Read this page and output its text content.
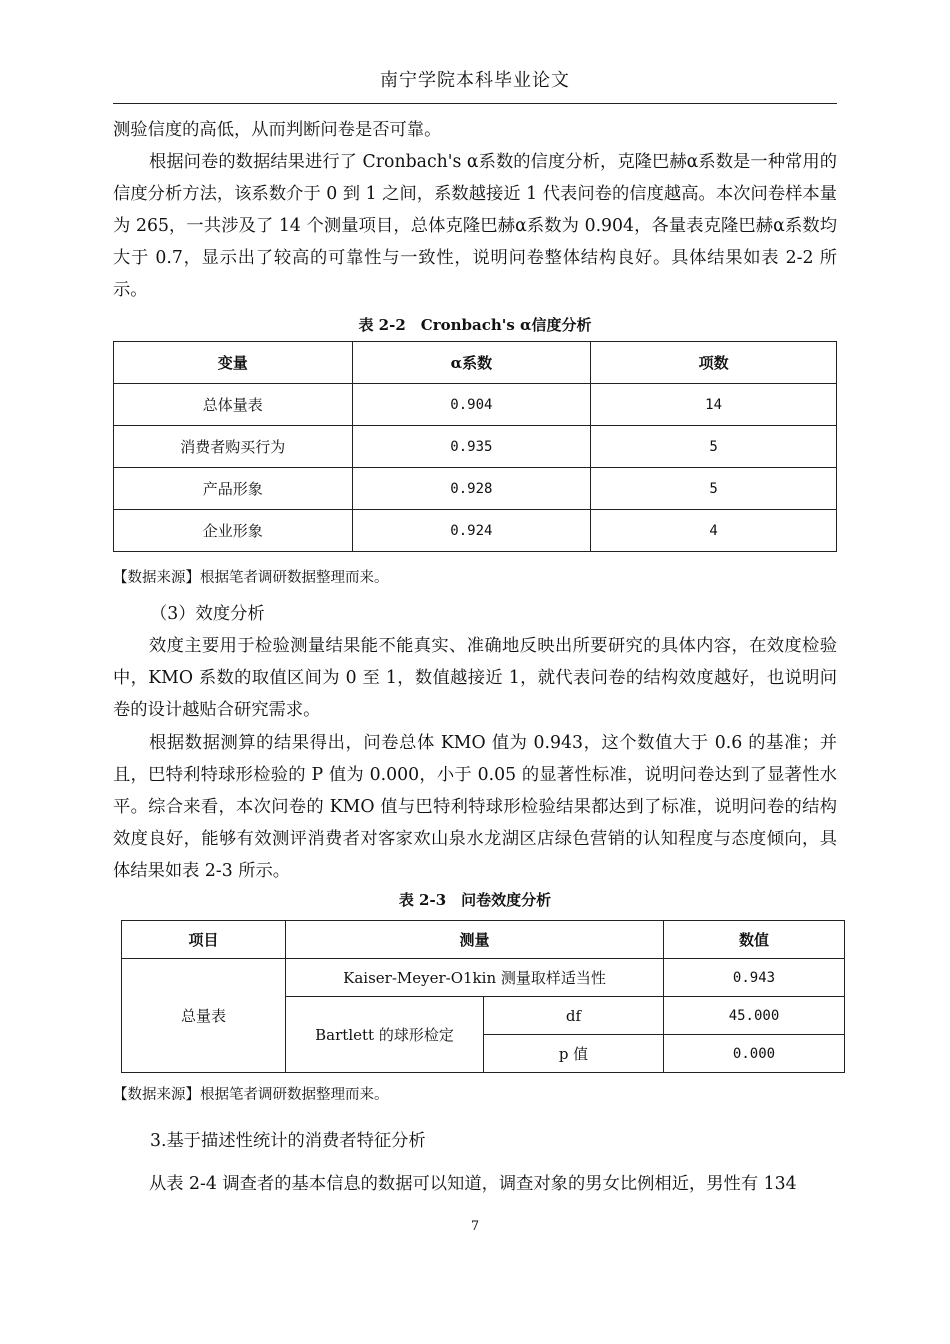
南宁学院本科毕业论文
测验信度的高低，从而判断问卷是否可靠。
根据问卷的数据结果进行了 Cronbach's α系数的信度分析，克隆巴赫α系数是一种常用的信度分析方法，该系数介于 0 到 1 之间，系数越接近 1 代表问卷的信度越高。本次问卷样本量为 265，一共涉及了 14 个测量项目，总体克隆巴赫α系数为 0.904，各量表克隆巴赫α系数均大于 0.7，显示出了较高的可靠性与一致性，说明问卷整体结构良好。具体结果如表 2-2 所示。
表 2-2　Cronbach's α信度分析
变量	α系数	项数
总体量表	0.904	14
消费者购买行为	0.935	5
产品形象	0.928	5
企业形象	0.924	4
【数据来源】根据笔者调研数据整理而来。
（3）效度分析
效度主要用于检验测量结果能不能真实、准确地反映出所要研究的具体内容，在效度检验中，KMO 系数的取值区间为 0 至 1，数值越接近 1，就代表问卷的结构效度越好，也说明问卷的设计越贴合研究需求。
根据数据测算的结果得出，问卷总体 KMO 值为 0.943，这个数值大于 0.6 的基准；并且，巴特利特球形检验的 P 值为 0.000，小于 0.05 的显著性标准，说明问卷达到了显著性水平。综合来看，本次问卷的 KMO 值与巴特利特球形检验结果都达到了标准，说明问卷的结构效度良好，能够有效测评消费者对客家欢山泉水龙湖区店绿色营销的认知程度与态度倾向，具体结果如表 2-3 所示。
表 2-3　问卷效度分析
项目	测量		数值
总量表	Kaiser-Meyer-O1kin 测量取样适当性		0.943
	Bartlett 的球形检定	df	45.000
		p 值	0.000
【数据来源】根据笔者调研数据整理而来。
3.基于描述性统计的消费者特征分析
从表 2-4 调查者的基本信息的数据可以知道，调查对象的男女比例相近，男性有 134
7
